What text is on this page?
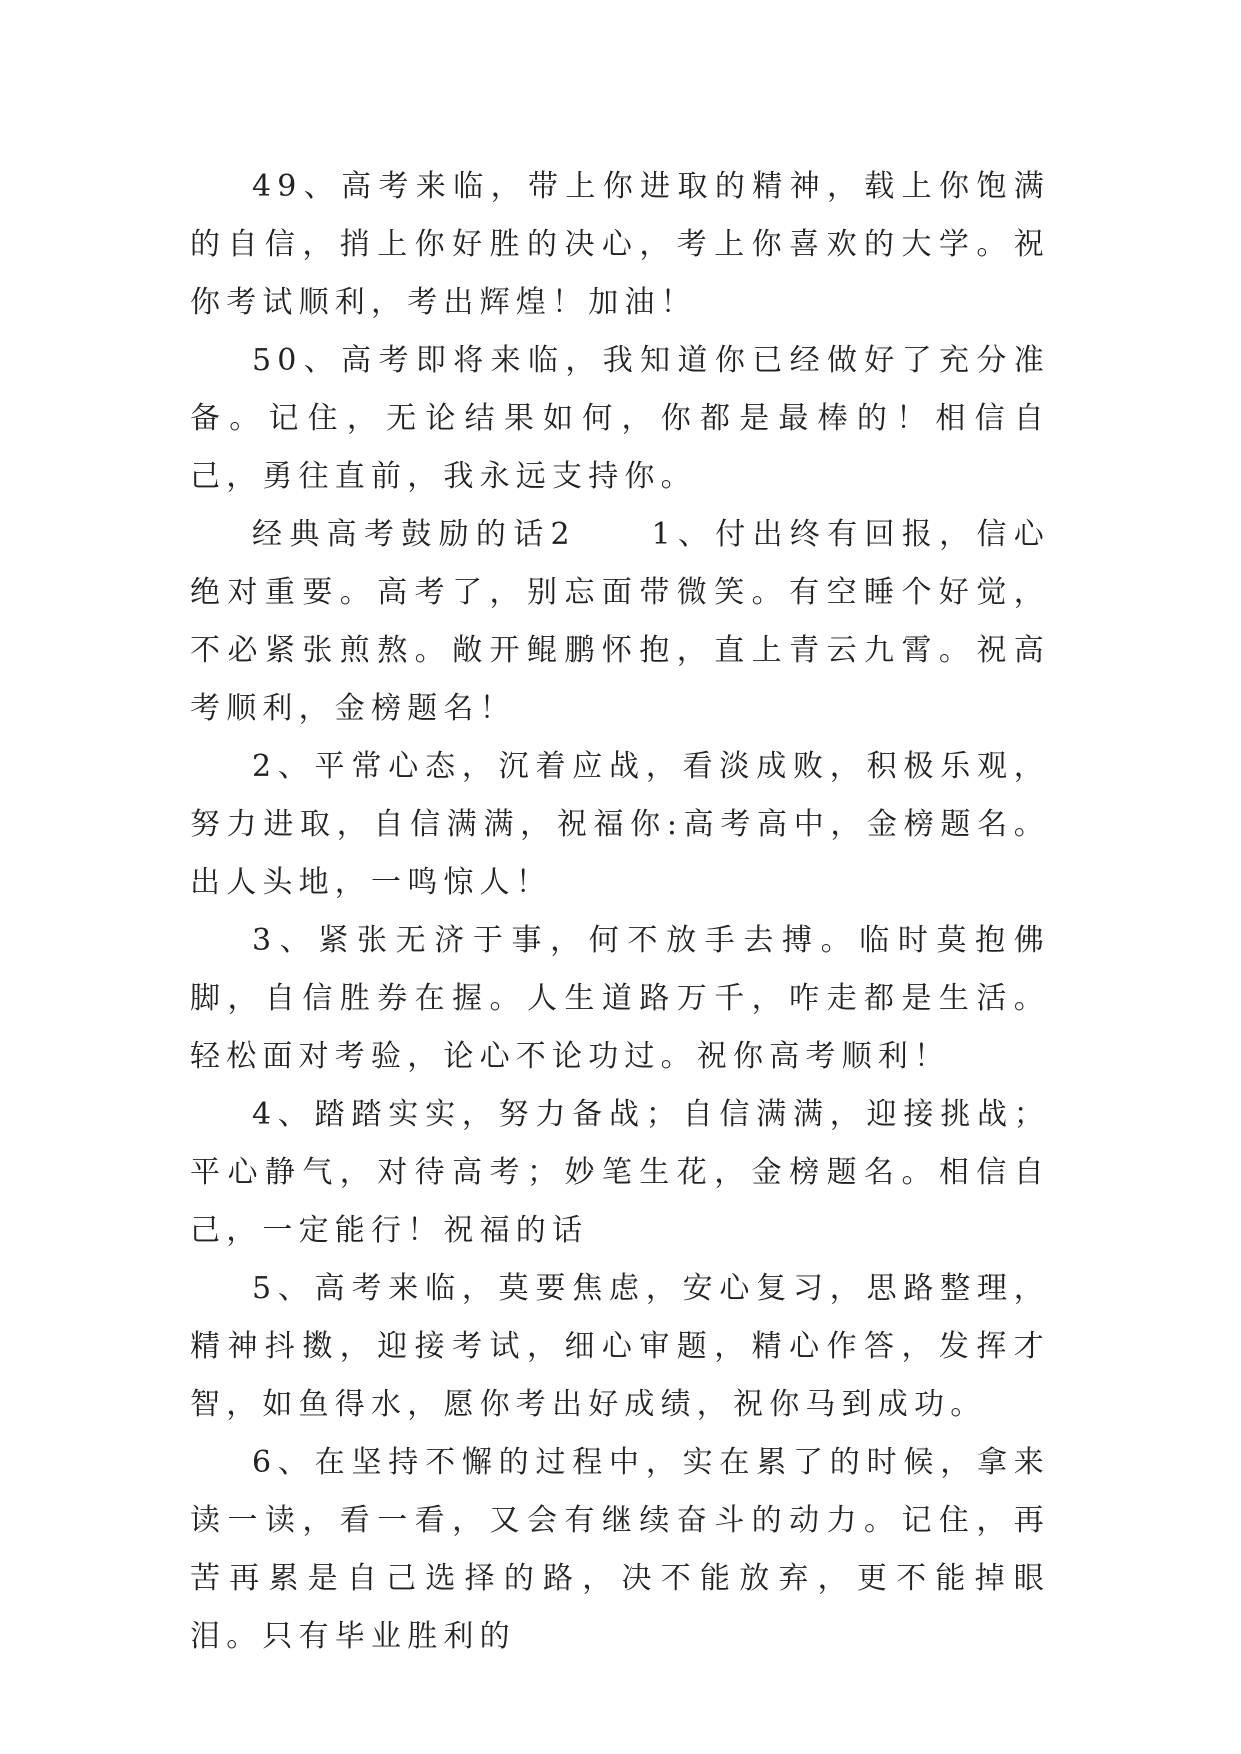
49、高考来临，带上你进取的精神，载上你饱满的自信，捎上你好胜的决心，考上你喜欢的大学。祝你考试顺利，考出辉煌！加油！

50、高考即将来临，我知道你已经做好了充分准备。记住，无论结果如何，你都是最棒的！相信自己，勇往直前，我永远支持你。

经典高考鼓励的话2　　1、付出终有回报，信心绝对重要。高考了，别忘面带微笑。有空睡个好觉，不必紧张煎熬。敞开鲲鹏怀抱，直上青云九霄。祝高考顺利，金榜题名！

2、平常心态，沉着应战，看淡成败，积极乐观，努力进取，自信满满，祝福你:高考高中，金榜题名。出人头地，一鸣惊人！

3、紧张无济于事，何不放手去搏。临时莫抱佛脚，自信胜券在握。人生道路万千，咋走都是生活。轻松面对考验，论心不论功过。祝你高考顺利！

4、踏踏实实，努力备战；自信满满，迎接挑战；平心静气，对待高考；妙笔生花，金榜题名。相信自己，一定能行！祝福的话

5、高考来临，莫要焦虑，安心复习，思路整理，精神抖擞，迎接考试，细心审题，精心作答，发挥才智，如鱼得水，愿你考出好成绩，祝你马到成功。

6、在坚持不懈的过程中，实在累了的时候，拿来读一读，看一看，又会有继续奋斗的动力。记住，再苦再累是自己选择的路，决不能放弃，更不能掉眼泪。只有毕业胜利的
